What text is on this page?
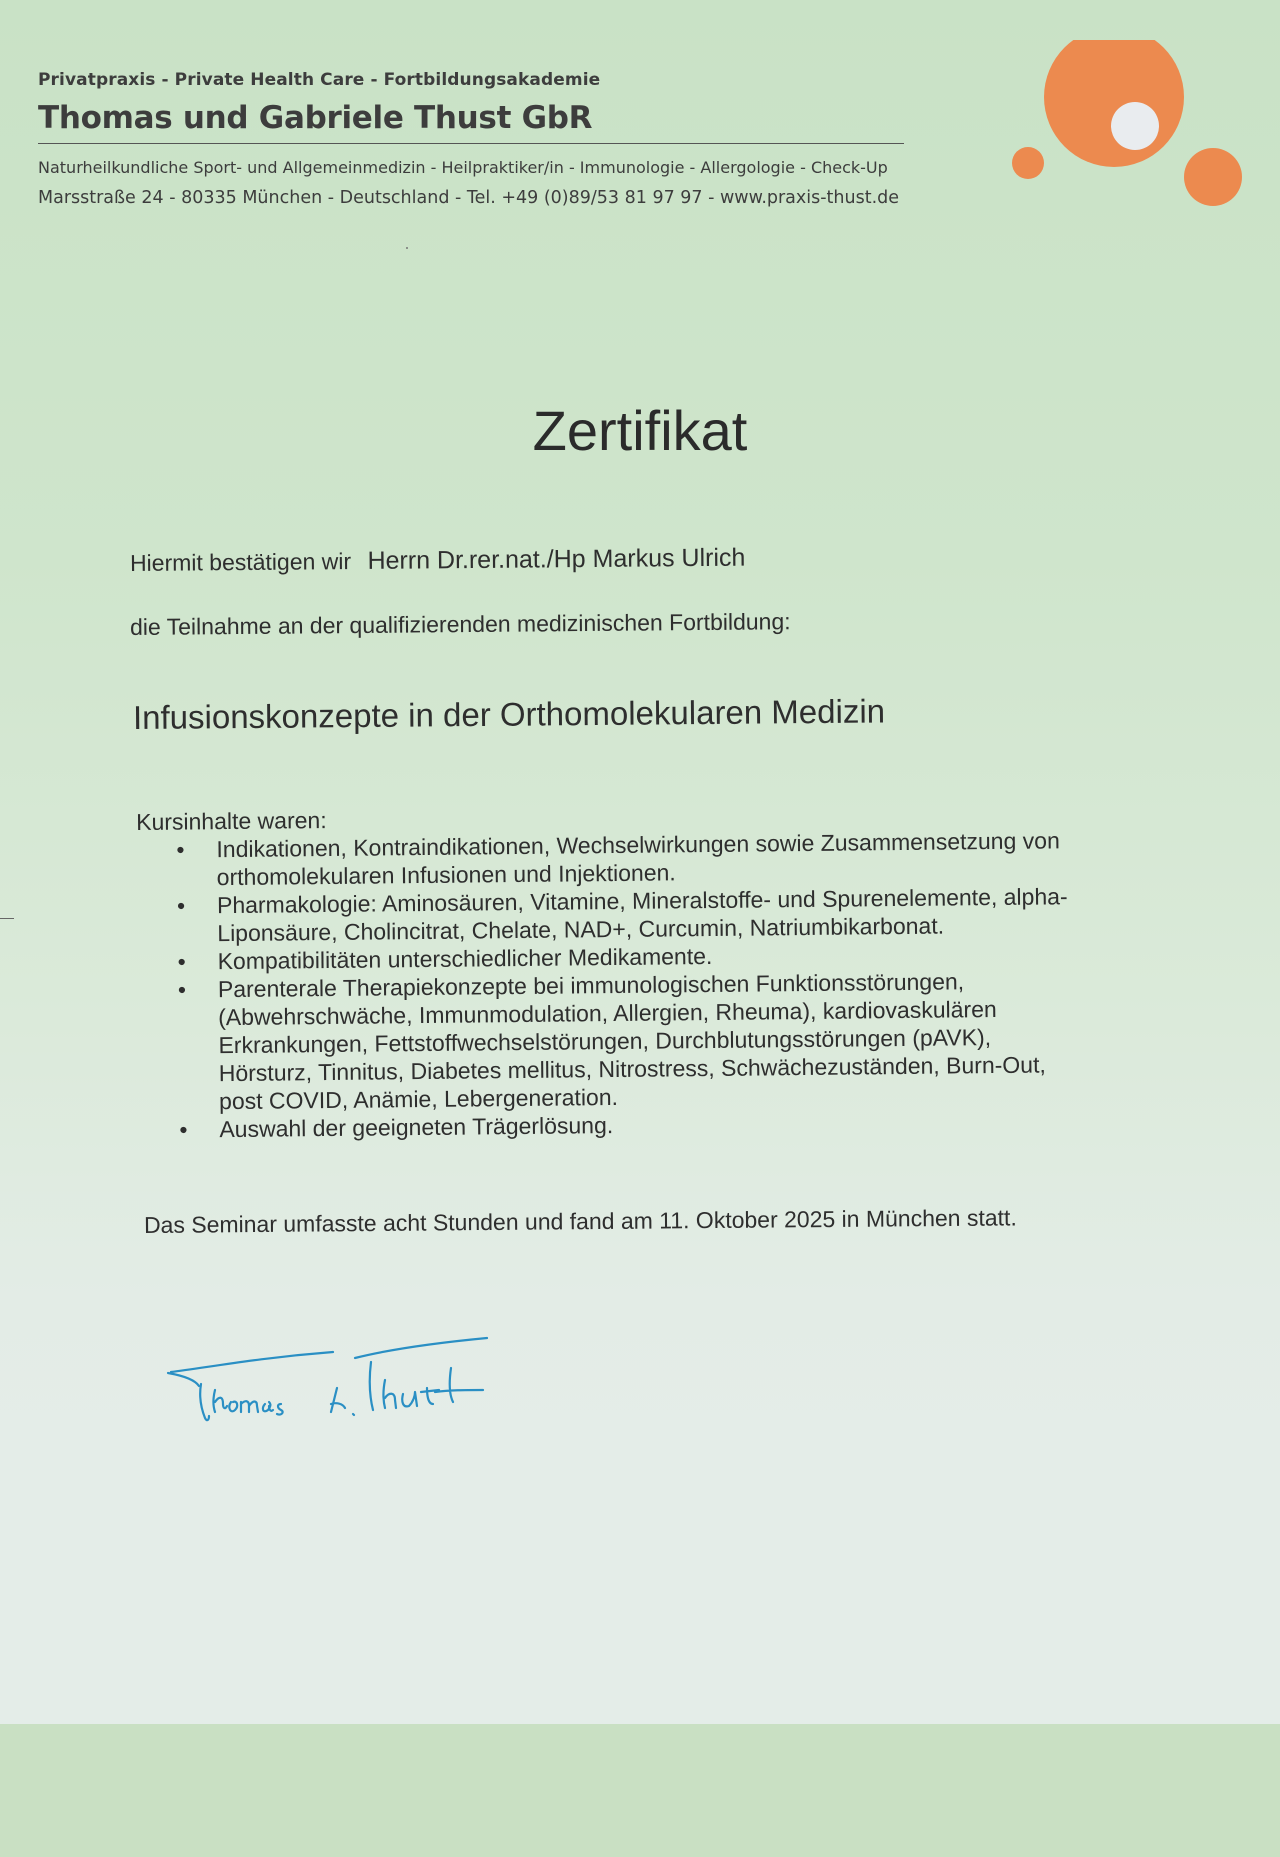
Privatpraxis - Private Health Care - Fortbildungsakademie
Thomas und Gabriele Thust GbR
Naturheilkundliche Sport- und Allgemeinmedizin - Heilpraktiker/in - Immunologie - Allergologie - Check-Up
Marsstraße 24 - 80335 München - Deutschland - Tel. +49 (0)89/53 81 97 97 - www.praxis-thust.de
Zertifikat
Hiermit bestätigen wir Herrn Dr.rer.nat./Hp Markus Ulrich
die Teilnahme an der qualifizierenden medizinischen Fortbildung:
Infusionskonzepte in der Orthomolekularen Medizin
Kursinhalte waren:
• Indikationen, Kontraindikationen, Wechselwirkungen sowie Zusammensetzung von
orthomolekularen Infusionen und Injektionen.
• Pharmakologie: Aminosäuren, Vitamine, Mineralstoffe- und Spurenelemente, alpha-
Liponsäure, Cholincitrat, Chelate, NAD+, Curcumin, Natriumbikarbonat.
• Kompatibilitäten unterschiedlicher Medikamente.
• Parenterale Therapiekonzepte bei immunologischen Funktionsstörungen,
(Abwehrschwäche, Immunmodulation, Allergien, Rheuma), kardiovaskulären
Erkrankungen, Fettstoffwechselstörungen, Durchblutungsstörungen (pAVK),
Hörsturz, Tinnitus, Diabetes mellitus, Nitrostress, Schwächezuständen, Burn-Out,
post COVID, Anämie, Lebergeneration.
• Auswahl der geeigneten Trägerlösung.
Das Seminar umfasste acht Stunden und fand am 11. Oktober 2025 in München statt.
